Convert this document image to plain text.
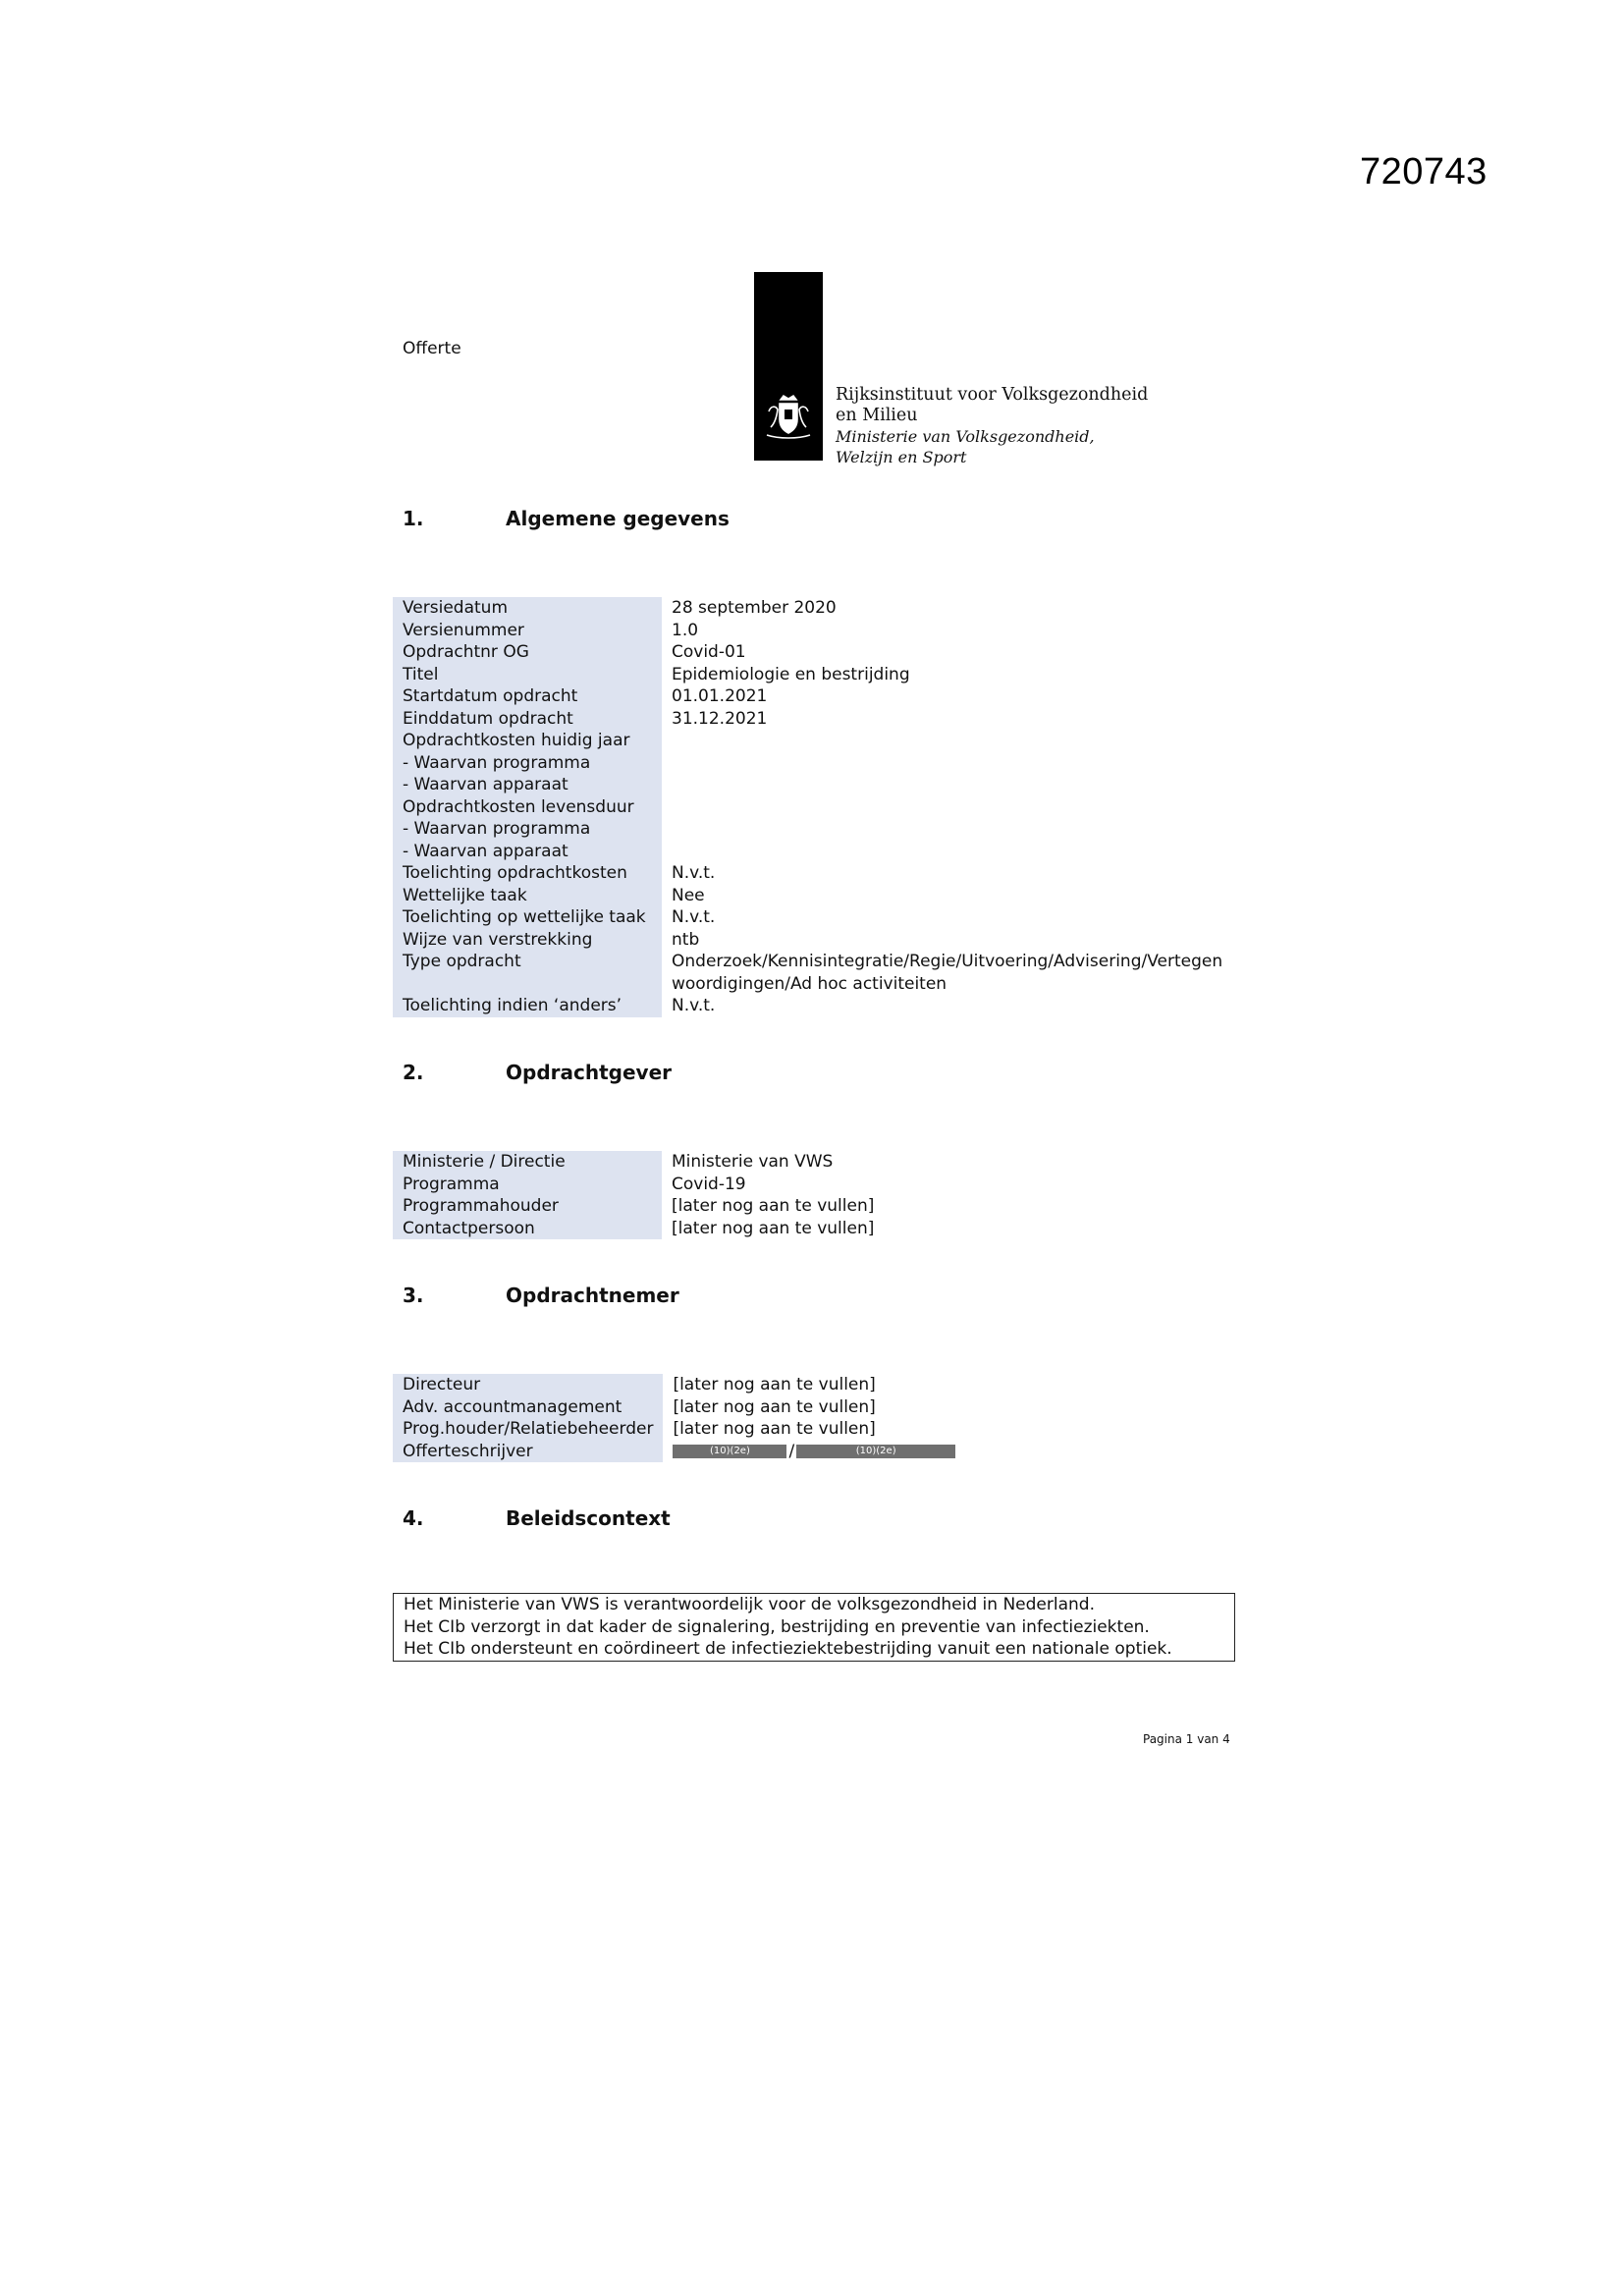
720743
Offerte
Rijksinstituut voor Volksgezondheid
en Milieu
Ministerie van Volksgezondheid,
Welzijn en Sport
1.	Algemene gegevens
Versiedatum	28 september 2020
Versienummer	1.0
Opdrachtnr OG	Covid-01
Titel	Epidemiologie en bestrijding
Startdatum opdracht	01.01.2021
Einddatum opdracht	31.12.2021
Opdrachtkosten huidig jaar	
- Waarvan programma	
- Waarvan apparaat	
Opdrachtkosten levensduur	
- Waarvan programma	
- Waarvan apparaat	
Toelichting opdrachtkosten	N.v.t.
Wettelijke taak	Nee
Toelichting op wettelijke taak	N.v.t.
Wijze van verstrekking	ntb
Type opdracht	Onderzoek/Kennisintegratie/Regie/Uitvoering/Advisering/Vertegen
	woordigingen/Ad hoc activiteiten
Toelichting indien ‘anders’	N.v.t.
2.	Opdrachtgever
Ministerie / Directie	Ministerie van VWS
Programma	Covid-19
Programmahouder	[later nog aan te vullen]
Contactpersoon	[later nog aan te vullen]
3.	Opdrachtnemer
Directeur	[later nog aan te vullen]
Adv. accountmanagement	[later nog aan te vullen]
Prog.houder/Relatiebeheerder	[later nog aan te vullen]
Offerteschrijver	(10)(2e) / (10)(2e)
4.	Beleidscontext
Het Ministerie van VWS is verantwoordelijk voor de volksgezondheid in Nederland.
Het CIb verzorgt in dat kader de signalering, bestrijding en preventie van infectieziekten.
Het CIb ondersteunt en coördineert de infectieziektebestrijding vanuit een nationale optiek.
Pagina 1 van 4
